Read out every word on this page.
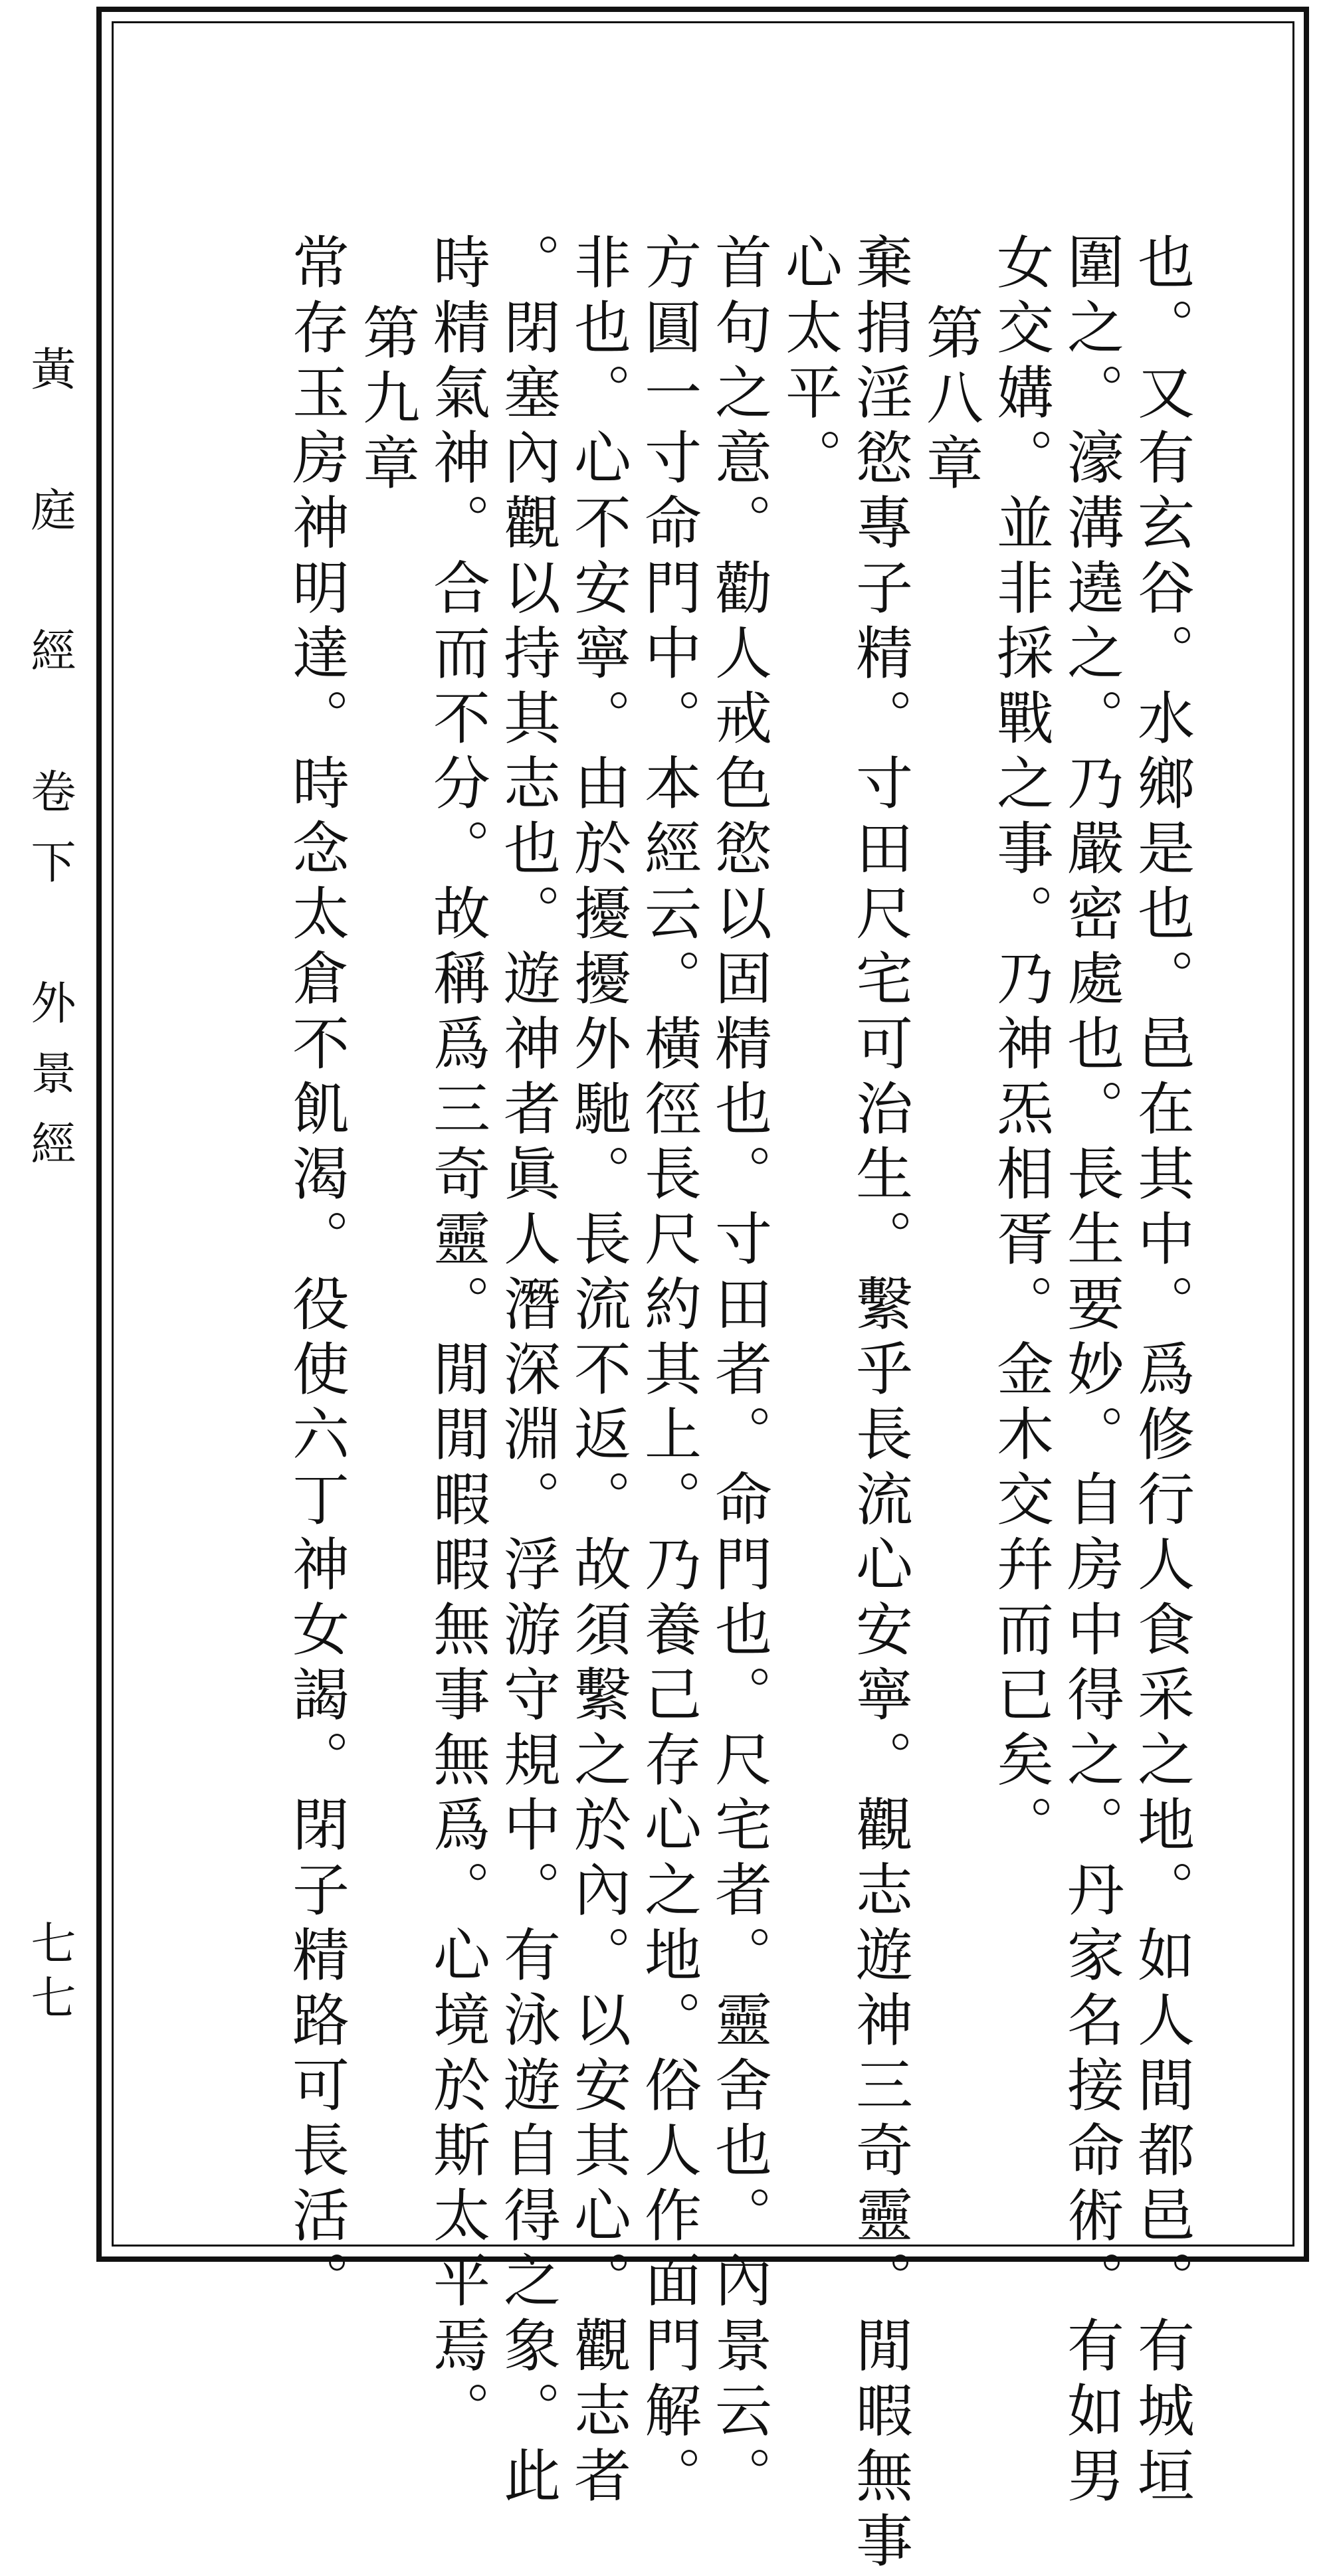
黃　庭　經　卷下　外景經
七七	也。又有玄谷。水鄉是也。邑在其中。爲修行人食采之地。如人間都邑。有城垣
圍之。濠溝遶之。乃嚴密處也。長生要妙。自房中得之。丹家名接命術。有如男
女交媾。並非採戰之事。乃神炁相胥。金木交幷而已矣。
第八章
棄捐淫慾專子精。寸田尺宅可治生。繫乎長流心安寧。觀志遊神三奇靈。閒暇無事
心太平。
首句之意。勸人戒色慾以固精也。寸田者。命門也。尺宅者。靈舍也。內景云。
方圓一寸命門中。本經云。橫徑長尺約其上。乃養己存心之地。俗人作面門解。
非也。心不安寧。由於擾擾外馳。長流不返。故須繫之於內。以安其心。觀志者
。閉塞內觀以持其志也。遊神者眞人潛深淵。浮游守規中。有泳遊自得之象。此
時精氣神。合而不分。故稱爲三奇靈。閒閒暇暇無事無爲。心境於斯太平焉。
第九章
常存玉房神明達。時念太倉不飢渴。役使六丁神女謁。閉子精路可長活。
